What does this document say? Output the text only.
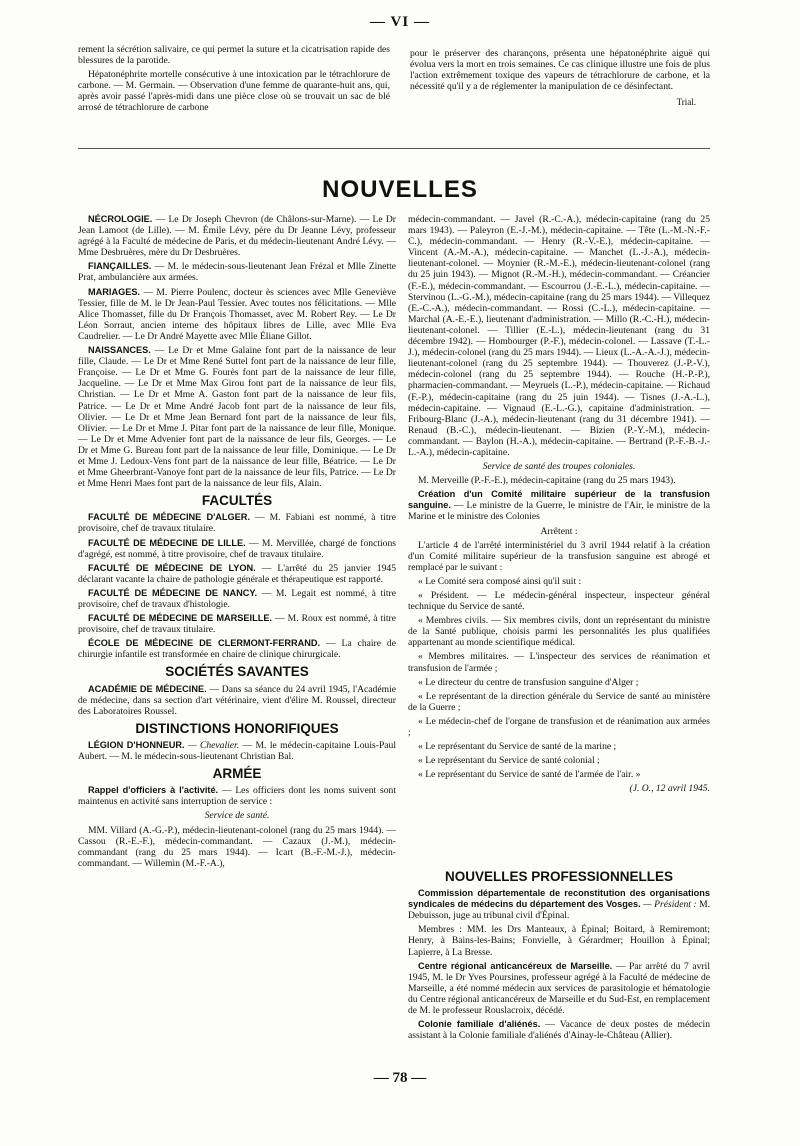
— VI —

rement la sécrétion salivaire, ce qui permet la suture et la cicatrisation rapide des blessures de la parotide.

Hépatonéphrite mortelle consécutive à une intoxication par le tétrachlorure de carbone. — M. Germain. — Observation d'une femme de quarante-huit ans, qui, après avoir passé l'après-midi dans une pièce close où se trouvait un sac de blé arrosé de tétrachlorure de carbone

pour le préserver des charançons, présenta une hépatonéphrite aiguë qui évolua vers la mort en trois semaines. Ce cas clinique illustre une fois de plus l'action extrêmement toxique des vapeurs de tétrachlorure de carbone, et la nécessité qu'il y a de réglementer la manipulation de ce désinfectant.

Trial.
NOUVELLES

NÉCROLOGIE. — Le Dr Joseph Chevron (de Châlons-sur-Marne). — Le Dr Jean Lamoot (de Lille). — M. Émile Lévy, père du Dr Jeanne Lévy, professeur agrégé à la Faculté de médecine de Paris, et du médecin-lieutenant André Lévy. — Mme Desbruères, mère du Dr Desbruères.

FIANÇAILLES. — M. le médecin-sous-lieutenant Jean Frézal et Mlle Zinette Prat, ambulancière aux armées.

MARIAGES. — M. Pierre Poulenc, docteur ès sciences avec Mlle Geneviève Tessier, fille de M. le Dr Jean-Paul Tessier. Avec toutes nos félicitations. — Mlle Alice Thomasset, fille du Dr François Thomasset, avec M. Robert Rey. — Le Dr Léon Sorraut, ancien interne des hôpitaux libres de Lille, avec Mlle Eva Caudrelier. — Le Dr André Mayette avec Mlle Éliane Gillot.

NAISSANCES. — Le Dr et Mme Galaine font part de la naissance de leur fille, Claude. — Le Dr et Mme René Suttel font part de la naissance de leur fille, Françoise. — Le Dr et Mme G. Fourès font part de la naissance de leur fille, Jacqueline. — Le Dr et Mme Max Girou font part de la naissance de leur fils, Christian. — Le Dr et Mme A. Gaston font part de la naissance de leur fils, Patrice. — Le Dr et Mme André Jacob font part de la naissance de leur fils, Olivier. — Le Dr et Mme Jean Bernard font part de la naissance de leur fils, Olivier. — Le Dr et Mme J. Pitar font part de la naissance de leur fille, Monique. — Le Dr et Mme Advenier font part de la naissance de leur fils, Georges. — Le Dr et Mme G. Bureau font part de la naissance de leur fille, Dominique. — Le Dr et Mme J. Ledoux-Vens font part de la naissance de leur fille, Béatrice. — Le Dr et Mme Gheerbrant-Vanoye font part de la naissance de leur fils, Patrice. — Le Dr et Mme Henri Maes font part de la naissance de leur fils, Alain.

FACULTÉS

FACULTÉ DE MÉDECINE D'ALGER. — M. Fabiani est nommé, à titre provisoire, chef de travaux titulaire.

FACULTÉ DE MÉDECINE DE LILLE. — M. Mervillée, chargé de fonctions d'agrégé, est nommé, à titre provisoire, chef de travaux titulaire.

FACULTÉ DE MÉDECINE DE LYON. — L'arrêté du 25 janvier 1945 déclarant vacante la chaire de pathologie générale et thérapeutique est rapporté.

FACULTÉ DE MÉDECINE DE NANCY. — M. Legait est nommé, à titre provisoire, chef de travaux d'histologie.

FACULTÉ DE MÉDECINE DE MARSEILLE. — M. Roux est nommé, à titre provisoire, chef de travaux titulaire.

ÉCOLE DE MÉDECINE DE CLERMONT-FERRAND. — La chaire de chirurgie infantile est transformée en chaire de clinique chirurgicale.

SOCIÉTÉS SAVANTES

ACADÉMIE DE MÉDECINE. — Dans sa séance du 24 avril 1945, l'Académie de médecine, dans sa section d'art vétérinaire, vient d'élire M. Roussel, directeur des Laboratoires Roussel.

DISTINCTIONS HONORIFIQUES

LÉGION D'HONNEUR. — Chevalier. — M. le médecin-capitaine Louis-Paul Aubert. — M. le médecin-sous-lieutenant Christian Bal.

ARMÉE

Rappel d'officiers à l'activité. — Les officiers dont les noms suivent sont maintenus en activité sans interruption de service :

Service de santé.

MM. Villard (A.-G.-P.), médecin-lieutenant-colonel (rang du 25 mars 1944). — Cassou (R.-E.-F.), médecin-commandant. — Cazaux (J.-M.), médecin-commandant (rang du 25 mars 1944). — Icart (B.-F.-M.-J.), médecin-commandant. — Willemin (M.-F.-A.),

médecin-commandant. — Javel (R.-C.-A.), médecin-capitaine (rang du 25 mars 1943). — Paleyron (E.-J.-M.), médecin-capitaine. — Tête (L.-M.-N.-F.-C.), médecin-commandant. — Henry (R.-V.-E.), médecin-capitaine. — Vincent (A.-M.-A.), médecin-capitaine. — Manchet (L.-J.-A.), médecin-lieutenant-colonel. — Moynier (R.-M.-E.), médecin-lieutenant-colonel (rang du 25 juin 1943). — Mignot (R.-M.-H.), médecin-commandant. — Créancier (F.-E.), médecin-commandant. — Escourrou (J.-E.-L.), médecin-capitaine. — Stervinou (L.-G.-M.), médecin-capitaine (rang du 25 mars 1944). — Villequez (E.-C.-A.), médecin-commandant. — Rossi (C.-L.), médecin-capitaine. — Marchal (A.-E.-E.), lieutenant d'administration. — Millo (R.-C.-H.), médecin-lieutenant-colonel. — Tillier (E.-L.), médecin-lieutenant (rang du 31 décembre 1942). — Hombourger (P.-F.), médecin-colonel. — Lassave (T.-L.-J.), médecin-colonel (rang du 25 mars 1944). — Lieux (L.-A.-A.-J.), médecin-lieutenant-colonel (rang du 25 septembre 1944). — Thouverez (J.-P.-V.), médecin-colonel (rang du 25 septembre 1944). — Rouche (H.-P.-P.), pharmacien-commandant. — Meyruels (L.-P.), médecin-capitaine. — Richaud (F.-P.), médecin-capitaine (rang du 25 juin 1944). — Tisnes (J.-A.-L.), médecin-capitaine. — Vignaud (E.-L.-G.), capitaine d'administration. — Fribourg-Blanc (J.-A.), médecin-lieutenant (rang du 31 décembre 1941). — Renaud (B.-C.), médecin-lieutenant. — Bizien (P.-Y.-M.), médecin-commandant. — Baylon (H.-A.), médecin-capitaine. — Bertrand (P.-F.-B.-J.-L.-A.), médecin-capitaine.

Service de santé des troupes coloniales.

M. Merveille (P.-F.-E.), médecin-capitaine (rang du 25 mars 1943).

Création d'un Comité militaire supérieur de la transfusion sanguine. — Le ministre de la Guerre, le ministre de l'Air, le ministre de la Marine et le ministre des Colonies

Arrêtent :

L'article 4 de l'arrêté interministériel du 3 avril 1944 relatif à la création d'un Comité militaire supérieur de la transfusion sanguine est abrogé et remplacé par le suivant :

« Le Comité sera composé ainsi qu'il suit :

« Président. — Le médecin-général inspecteur, inspecteur général technique du Service de santé.

« Membres civils. — Six membres civils, dont un représentant du ministre de la Santé publique, choisis parmi les personnalités les plus qualifiées appartenant au monde scientifique médical.

« Membres militaires. — L'inspecteur des services de réanimation et transfusion de l'armée ;

« Le directeur du centre de transfusion sanguine d'Alger ;

« Le représentant de la direction générale du Service de santé au ministère de la Guerre ;

« Le médecin-chef de l'organe de transfusion et de réanimation aux armées ;

« Le représentant du Service de santé de la marine ;

« Le représentant du Service de santé colonial ;

« Le représentant du Service de santé de l'armée de l'air. »

(J. O., 12 avril 1945.

NOUVELLES PROFESSIONNELLES

Commission départementale de reconstitution des organisations syndicales de médecins du département des Vosges. — Président : M. Debuisson, juge au tribunal civil d'Épinal.

Membres : MM. les Drs Manteaux, à Épinal; Boitard, à Remiremont; Henry, à Bains-les-Bains; Fonvielle, à Gérardmer; Houillon à Épinal; Lapierre, à La Bresse.

Centre régional anticancéreux de Marseille. — Par arrêté du 7 avril 1945, M. le Dr Yves Poursines, professeur agrégé à la Faculté de médecine de Marseille, a été nommé médecin aux services de parasitologie et hématologie du Centre régional anticancéreux de Marseille et du Sud-Est, en remplacement de M. le professeur Rouslacroix, décédé.

Colonie familiale d'aliénés. — Vacance de deux postes de médecin assistant à la Colonie familiale d'aliénés d'Ainay-le-Château (Allier).

— 78 —
